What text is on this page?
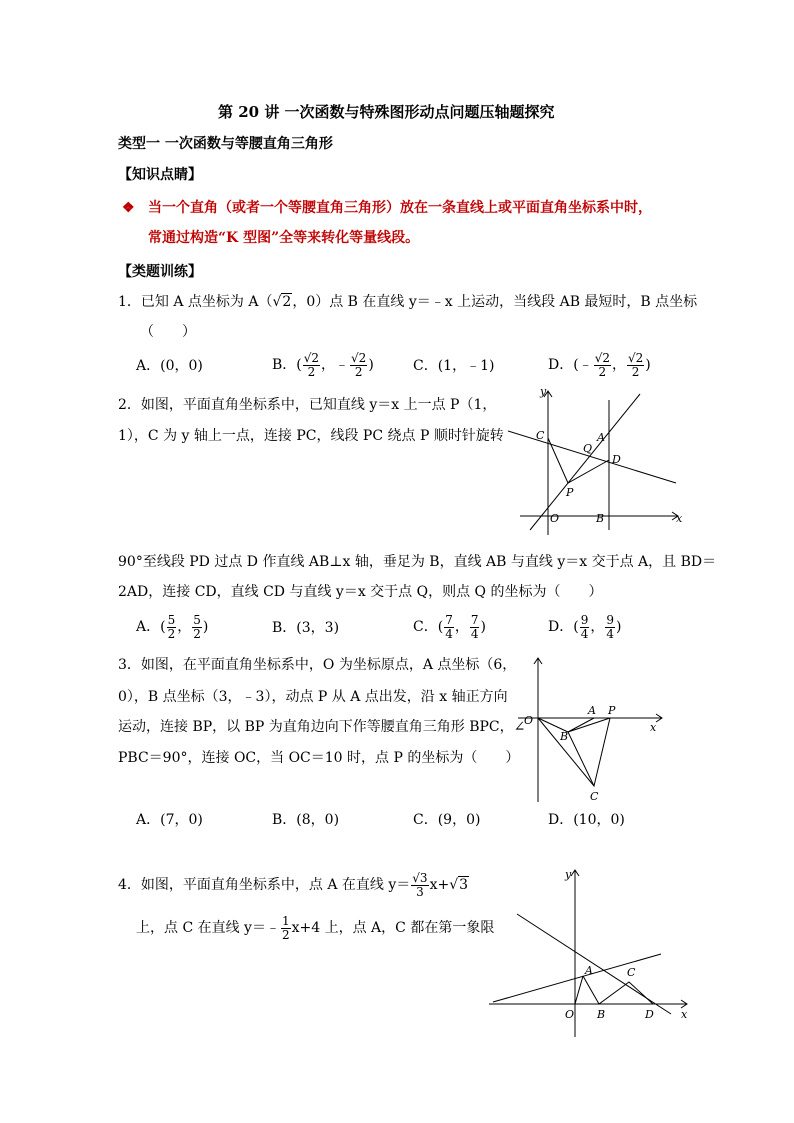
第 20 讲 一次函数与特殊图形动点问题压轴题探究
类型一 一次函数与等腰直角三角形
【知识点睛】
❖ 当一个直角（或者一个等腰直角三角形）放在一条直线上或平面直角坐标系中时，
常通过构造“K 型图”全等来转化等量线段。
【类题训练】
1．已知 A 点坐标为 A（√2，0）点 B 在直线 y＝﹣x 上运动，当线段 AB 最短时，B 点坐标
（　　）
A．(0，0)	B．( $\frac{√2}{2}$ ，﹣ $\frac{√2}{2}$ )	C．(1，﹣1)	D．(﹣ $\frac{√2}{2}$ ， $\frac{√2}{2}$ )
2．如图，平面直角坐标系中，已知直线 y＝x 上一点 P（1，
1），C 为 y 轴上一点，连接 PC，线段 PC 绕点 P 顺时针旋转
90°至线段 PD 过点 D 作直线 AB⊥x 轴，垂足为 B，直线 AB 与直线 y＝x 交于点 A，且 BD＝
2AD，连接 CD，直线 CD 与直线 y＝x 交于点 Q，则点 Q 的坐标为（　　）
A．( $\frac{5}{2}$ ， $\frac{5}{2}$ )	B．(3，3)	C．( $\frac{7}{4}$ ， $\frac{7}{4}$ )	D．( $\frac{9}{4}$ ， $\frac{9}{4}$ )
y
x
O	B
C
P
Q
A
D
3．如图，在平面直角坐标系中，O 为坐标原点，A 点坐标（6，
0），B 点坐标（3，﹣3），动点 P 从 A 点出发，沿 x 轴正方向
运动，连接 BP，以 BP 为直角边向下作等腰直角三角形 BPC，∠
PBC＝90°，连接 OC，当 OC＝10 时，点 P 的坐标为（　　）
A．(7，0)	B．(8，0)	C．(9，0)	D．(10，0)
x
O
A P
B
C
4．如图，平面直角坐标系中，点 A 在直线 $y= \frac{√3}{3} x+√3$
上，点 C 在直线 y＝﹣ $\frac{1}{2} x+4$ 上，点 A，C 都在第一象限
y
x
O
A
B
C
D
